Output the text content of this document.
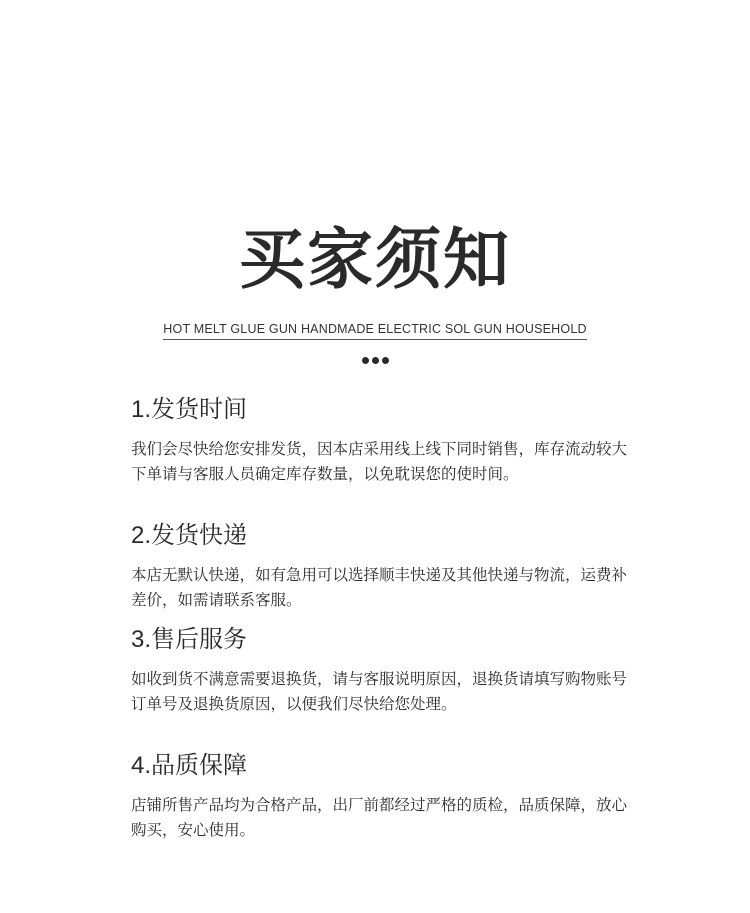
买家须知
HOT MELT GLUE GUN HANDMADE ELECTRIC SOL GUN HOUSEHOLD
1.发货时间

我们会尽快给您安排发货，因本店采用线上线下同时销售，库存流动较大下单请与客服人员确定库存数量，以免耽误您的使时间。

2.发货快递

本店无默认快递，如有急用可以选择顺丰快递及其他快递与物流，运费补差价，如需请联系客服。

3.售后服务

如收到货不满意需要退换货，请与客服说明原因，退换货请填写购物账号订单号及退换货原因，以便我们尽快给您处理。

4.品质保障

店铺所售产品均为合格产品，出厂前都经过严格的质检，品质保障，放心购买，安心使用。
